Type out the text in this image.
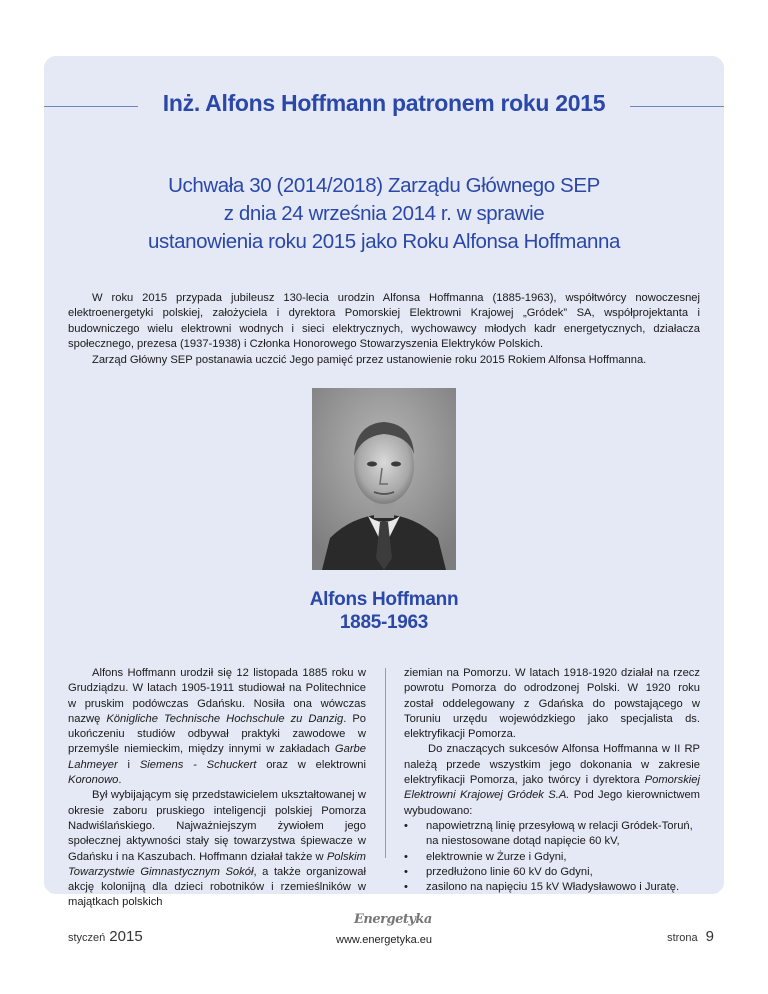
Inż. Alfons Hoffmann patronem roku 2015
Uchwała 30 (2014/2018) Zarządu Głównego SEP
z dnia 24 września 2014 r. w sprawie
ustanowienia roku 2015 jako Roku Alfonsa Hoffmanna

W roku 2015 przypada jubileusz 130-lecia urodzin Alfonsa Hoffmanna (1885-1963), współtwórcy nowoczesnej elektroenergetyki polskiej, założyciela i dyrektora Pomorskiej Elektrowni Krajowej „Gródek” SA, współprojektanta i budowniczego wielu elektrowni wodnych i sieci elektrycznych, wychowawcy młodych kadr energetycznych, działacza społecznego, prezesa (1937-1938) i Członka Honorowego Stowarzyszenia Elektryków Polskich.

Zarząd Główny SEP postanawia uczcić Jego pamięć przez ustanowienie roku 2015 Rokiem Alfonsa Hoffmanna.

Alfons Hoffmann
1885-1963

Alfons Hoffmann urodził się 12 listopada 1885 roku w Grudziądzu. W latach 1905-1911 studiował na Politechnice w pruskim podówczas Gdańsku. Nosiła ona wówczas nazwę Königliche Technische Hochschule zu Danzig. Po ukończeniu studiów odbywał praktyki zawodowe w przemyśle niemieckim, między innymi w zakładach Garbe Lahmeyer i Siemens - Schuckert oraz w elektrowni Koronowo.

Był wybijającym się przedstawicielem ukształtowanej w okresie zaboru pruskiego inteligencji polskiej Pomorza Nadwiślańskiego. Najważniejszym żywiołem jego społecznej aktywności stały się towarzystwa śpiewacze w Gdańsku i na Kaszubach. Hoffmann działał także w Polskim Towarzystwie Gimnastycznym Sokół, a także organizował akcję kolonijną dla dzieci robotników i rzemieślników w majątkach polskich

ziemian na Pomorzu. W latach 1918-1920 działał na rzecz powrotu Pomorza do odrodzonej Polski. W 1920 roku został oddelegowany z Gdańska do powstającego w Toruniu urzędu wojewódzkiego jako specjalista ds. elektryfikacji Pomorza.

Do znaczących sukcesów Alfonsa Hoffmanna w II RP należą przede wszystkim jego dokonania w zakresie elektryfikacji Pomorza, jako twórcy i dyrektora Pomorskiej Elektrowni Krajowej Gródek S.A. Pod Jego kierownictwem wybudowano:

• napowietrzną linię przesyłową w relacji Gródek-Toruń, na niestosowane dotąd napięcie 60 kV,
• elektrownie w Żurze i Gdyni,
• przedłużono linie 60 kV do Gdyni,
• zasilono na napięciu 15 kV Władysławowo i Juratę.
styczeń 2015
Energetyka
www.energetyka.eu	strona 9
